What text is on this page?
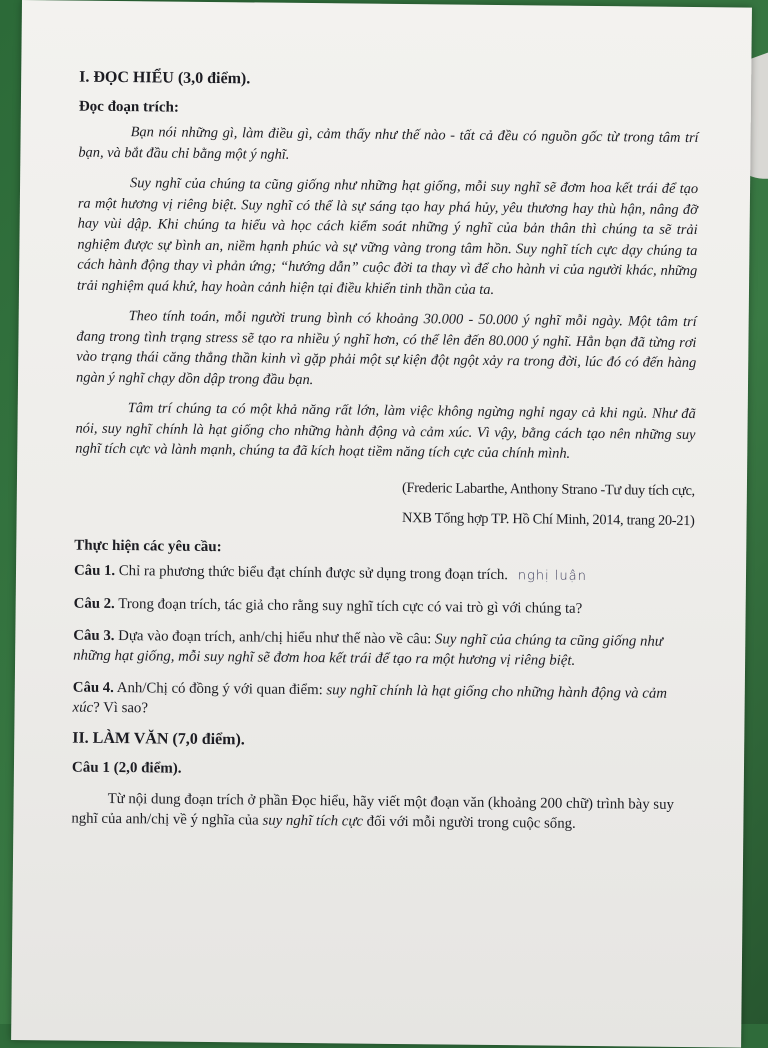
I. ĐỌC HIỂU (3,0 điểm).
Đọc đoạn trích:

Bạn nói những gì, làm điều gì, cảm thấy như thế nào - tất cả đều có nguồn gốc từ trong tâm trí bạn, và bắt đầu chỉ bằng một ý nghĩ.

Suy nghĩ của chúng ta cũng giống như những hạt giống, mỗi suy nghĩ sẽ đơm hoa kết trái để tạo ra một hương vị riêng biệt. Suy nghĩ có thể là sự sáng tạo hay phá hủy, yêu thương hay thù hận, nâng đỡ hay vùi dập. Khi chúng ta hiểu và học cách kiểm soát những ý nghĩ của bản thân thì chúng ta sẽ trải nghiệm được sự bình an, niềm hạnh phúc và sự vững vàng trong tâm hồn. Suy nghĩ tích cực dạy chúng ta cách hành động thay vì phản ứng; “hướng dẫn” cuộc đời ta thay vì để cho hành vi của người khác, những trải nghiệm quá khứ, hay hoàn cảnh hiện tại điều khiển tinh thần của ta.

Theo tính toán, mỗi người trung bình có khoảng 30.000 - 50.000 ý nghĩ mỗi ngày. Một tâm trí đang trong tình trạng stress sẽ tạo ra nhiều ý nghĩ hơn, có thể lên đến 80.000 ý nghĩ. Hẳn bạn đã từng rơi vào trạng thái căng thẳng thần kinh vì gặp phải một sự kiện đột ngột xảy ra trong đời, lúc đó có đến hàng ngàn ý nghĩ chạy dồn dập trong đầu bạn.

Tâm trí chúng ta có một khả năng rất lớn, làm việc không ngừng nghỉ ngay cả khi ngủ. Như đã nói, suy nghĩ chính là hạt giống cho những hành động và cảm xúc. Vì vậy, bằng cách tạo nên những suy nghĩ tích cực và lành mạnh, chúng ta đã kích hoạt tiềm năng tích cực của chính mình.

(Frederic Labarthe, Anthony Strano -Tư duy tích cực,
NXB Tổng hợp TP. Hồ Chí Minh, 2014, trang 20-21)
Thực hiện các yêu cầu:

Câu 1. Chỉ ra phương thức biểu đạt chính được sử dụng trong đoạn trích. nghị luận

Câu 2. Trong đoạn trích, tác giả cho rằng suy nghĩ tích cực có vai trò gì với chúng ta?

Câu 3. Dựa vào đoạn trích, anh/chị hiểu như thế nào về câu: Suy nghĩ của chúng ta cũng giống như những hạt giống, mỗi suy nghĩ sẽ đơm hoa kết trái để tạo ra một hương vị riêng biệt.

Câu 4. Anh/Chị có đồng ý với quan điểm: suy nghĩ chính là hạt giống cho những hành động và cảm xúc? Vì sao?

II. LÀM VĂN (7,0 điểm).
Câu 1 (2,0 điểm).

Từ nội dung đoạn trích ở phần Đọc hiểu, hãy viết một đoạn văn (khoảng 200 chữ) trình bày suy nghĩ của anh/chị về ý nghĩa của suy nghĩ tích cực đối với mỗi người trong cuộc sống.
